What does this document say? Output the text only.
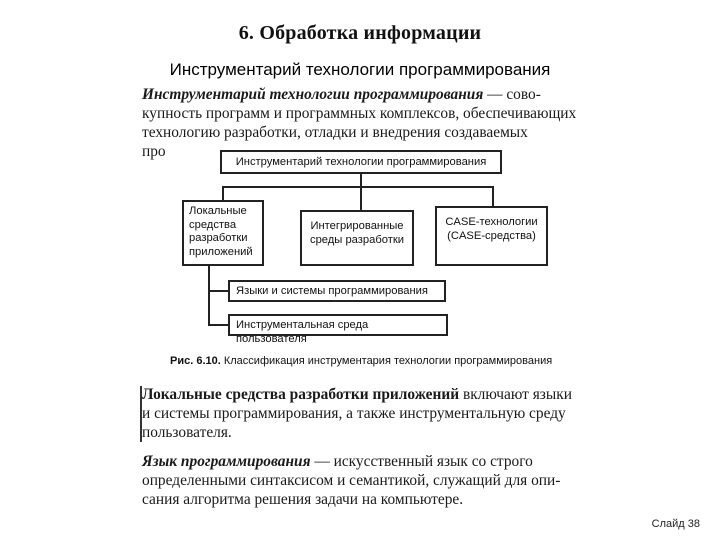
6. Обработка информации
Инструментарий технологии программирования
Инструментарий технологии программирования — сово-
купность программ и программных комплексов, обеспечивающих
технологию разработки, отладки и внедрения создаваемых
про
Инструментарий технологии программирования
Локальные средства разработки приложений
Интегрированные среды разработки
CASE-технологии (CASE-средства)
Языки и системы программирования
Инструментальная среда пользователя
Рис. 6.10. Классификация инструментария технологии программирования
Локальные средства разработки приложений включают языки
и системы программирования, а также инструментальную среду
пользователя.
Язык программирования — искусственный язык со строго
определенными синтаксисом и семантикой, служащий для опи-
сания алгоритма решения задачи на компьютере.
Слайд 38
